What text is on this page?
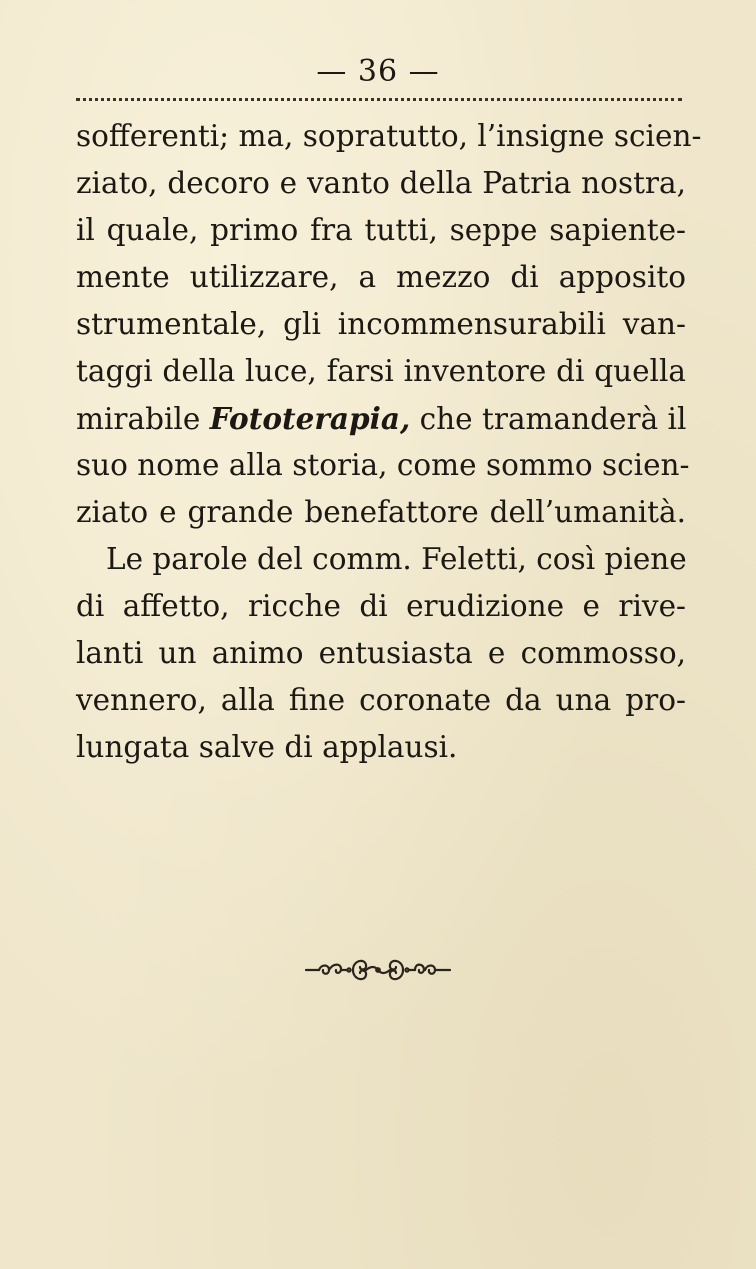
— 36 —
sofferenti; ma, sopratutto, l’insigne scien-
ziato, decoro e vanto della Patria nostra,
il quale, primo fra tutti, seppe sapiente-
mente utilizzare, a mezzo di apposito
strumentale, gli incommensurabili van-
taggi della luce, farsi inventore di quella
mirabile Fototerapia, che tramanderà il
suo nome alla storia, come sommo scien-
ziato e grande benefattore dell’umanità.
Le parole del comm. Feletti, così piene
di affetto, ricche di erudizione e rive-
lanti un animo entusiasta e commosso,
vennero, alla fine coronate da una pro-
lungata salve di applausi.
